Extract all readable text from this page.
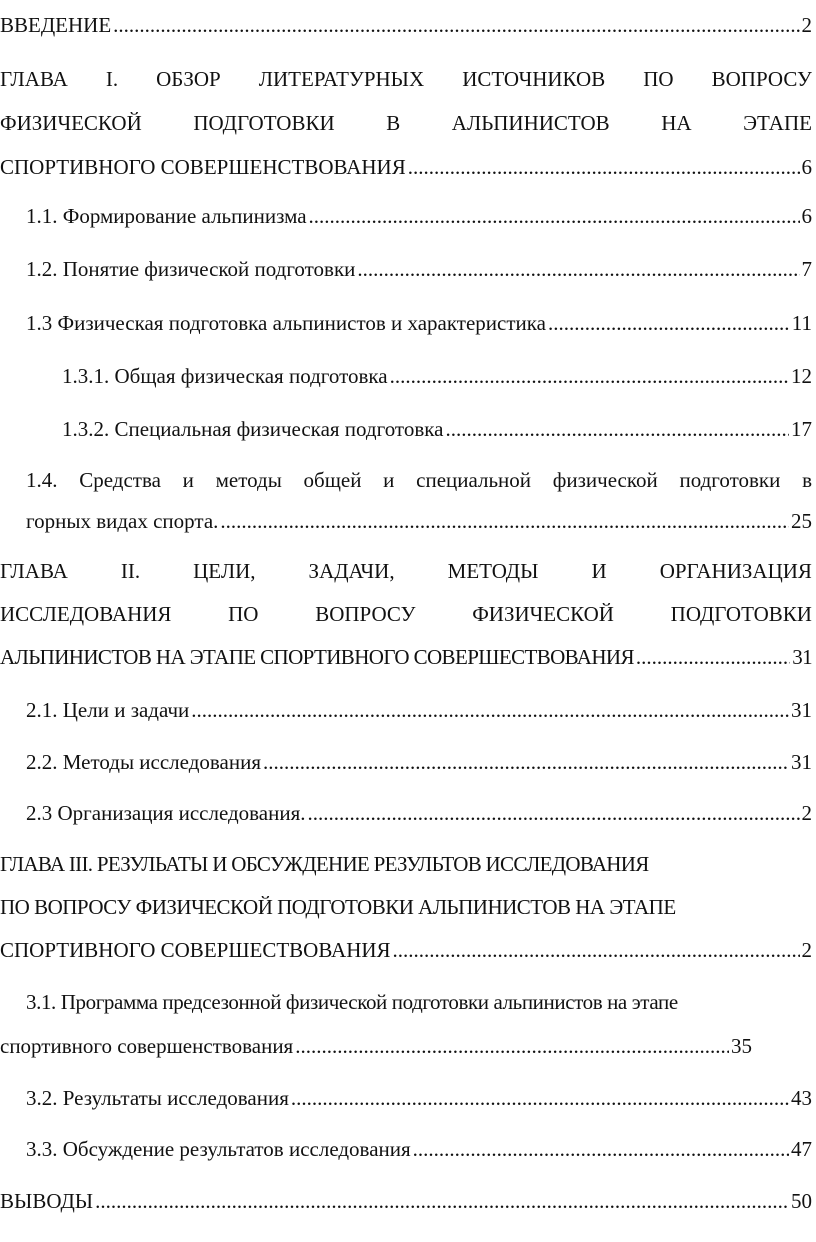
ВВЕДЕНИЕ .....	2
ГЛАВА I. ОБЗОР ЛИТЕРАТУРНЫХ ИСТОЧНИКОВ ПО ВОПРОСУ
ФИЗИЧЕСКОЙ ПОДГОТОВКИ В АЛЬПИНИСТОВ НА ЭТАПЕ
СПОРТИВНОГО СОВЕРШЕНСТВОВАНИЯ .....	6
1.1. Формирование альпинизма .....	6
1.2. Понятие физической подготовки .....	7
1.3 Физическая подготовка альпинистов и характеристика .....	11
1.3.1. Общая физическая подготовка .....	12
1.3.2. Специальная физическая подготовка .....	17
1.4. Средства и методы общей и специальной физической подготовки в
горных видах спорта. .....	25
ГЛАВА	II.	ЦЕЛИ,	ЗАДАЧИ,	МЕТОДЫ	И	ОРГАНИЗАЦИЯ
ИССЛЕДОВАНИЯ	ПО	ВОПРОСУ	ФИЗИЧЕСКОЙ	ПОДГОТОВКИ
АЛЬПИНИСТОВ НА ЭТАПЕ СПОРТИВНОГО СОВЕРШЕСТВОВАНИЯ .....	31
2.1. Цели и задачи .....	31
2.2. Методы исследования .....	31
2.3 Организация исследования. .....	2
ГЛАВА III. РЕЗУЛЬАТЫ И ОБСУЖДЕНИЕ РЕЗУЛЬТОВ ИССЛЕДОВАНИЯ
ПО ВОПРОСУ ФИЗИЧЕСКОЙ ПОДГОТОВКИ АЛЬПИНИСТОВ НА ЭТАПЕ
СПОРТИВНОГО СОВЕРШЕСТВОВАНИЯ .....	2
3.1. Программа предсезонной физической подготовки альпинистов на этапе
спортивного совершенствования .....	35
3.2. Результаты исследования .....	43
3.3. Обсуждение результатов исследования .....	47
ВЫВОДЫ .....	50
